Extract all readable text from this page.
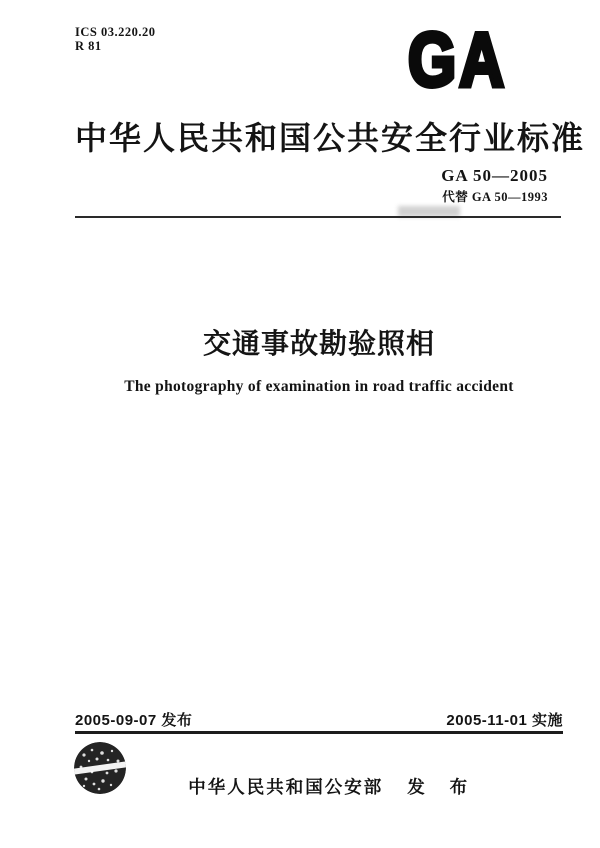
ICS 03.220.20
R 81	GA
中华人民共和国公共安全行业标准
GA 50—2005
代替 GA 50—1993
交通事故勘验照相
The photography of examination in road traffic accident
2005-09-07 发布	2005-11-01 实施

中华人民共和国公安部 发 布
